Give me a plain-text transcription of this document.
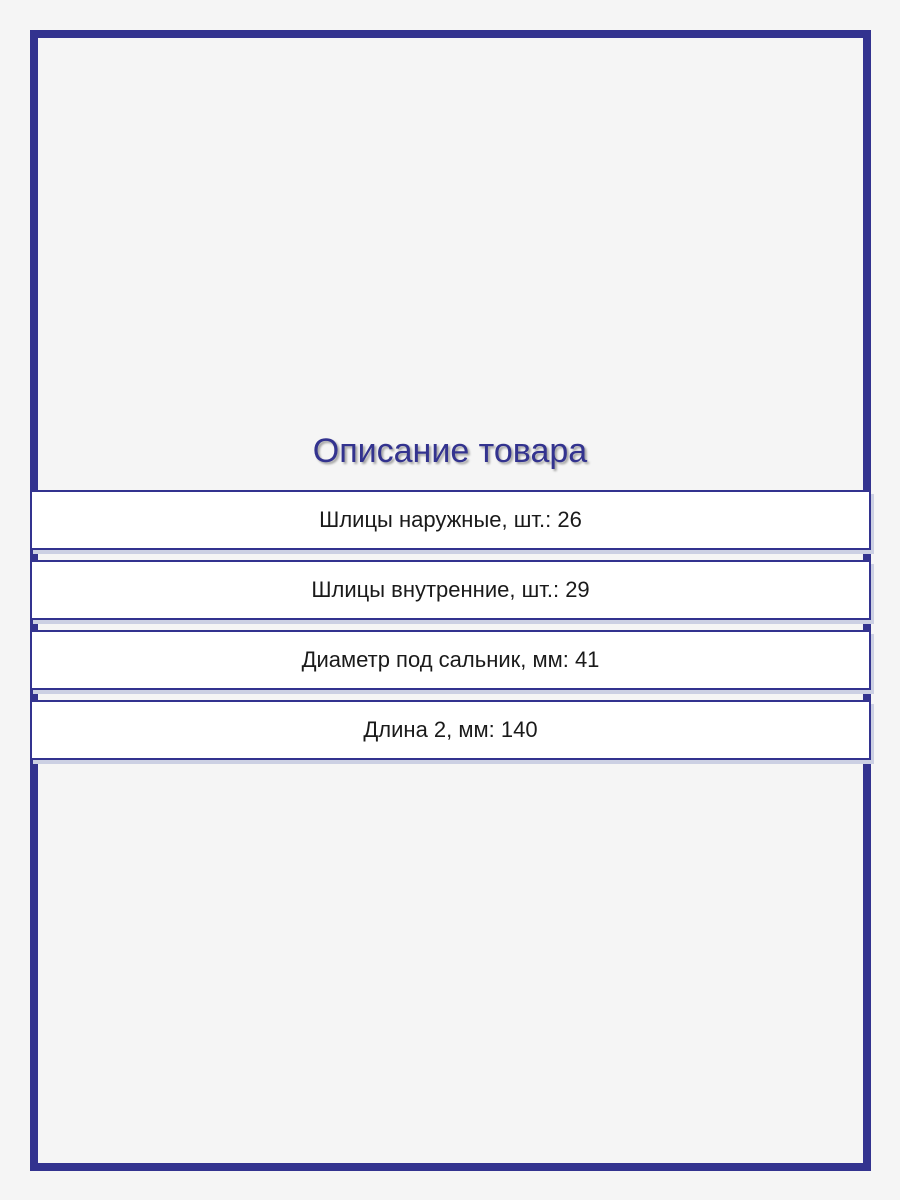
Описание товара
Шлицы наружные, шт.: 26
Шлицы внутренние, шт.: 29
Диаметр под сальник, мм: 41
Длина 2, мм: 140
